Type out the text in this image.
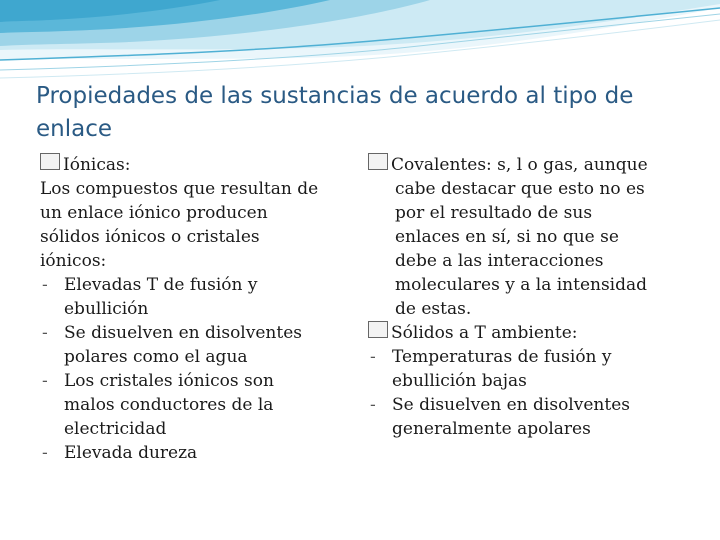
Propiedades de las sustancias de acuerdo al tipo de enlace
Iónicas:
Los compuestos que resultan de
un enlace iónico producen
sólidos iónicos o cristales
iónicos:
- Elevadas T de fusión y
ebullición
- Se disuelven en disolventes
polares como el agua
- Los cristales iónicos son
malos conductores de la
electricidad
- Elevada dureza
Covalentes: s, l o gas, aunque
cabe destacar que esto no es
por el resultado de sus
enlaces en sí, si no que se
debe a las interacciones
moleculares y a la intensidad
de estas.
Sólidos a T ambiente:
- Temperaturas de fusión y
ebullición bajas
- Se disuelven en disolventes
generalmente apolares
